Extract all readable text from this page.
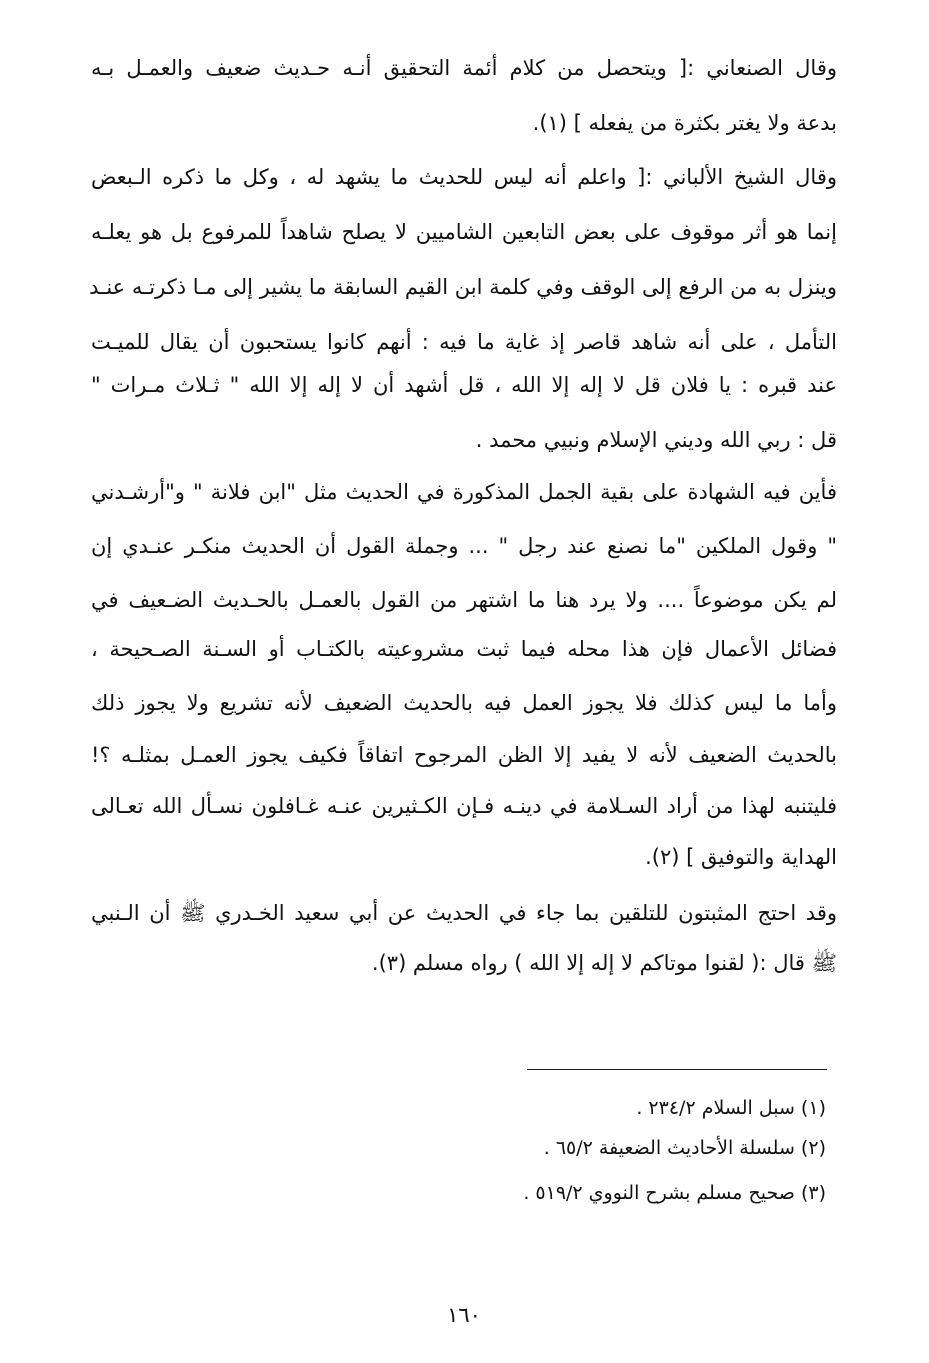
وقال الصنعاني :[ ويتحصل من كلام أئمة التحقيق أنـه حـديث ضعيف والعمـل بـه
بدعة ولا يغتر بكثرة من يفعله ] (١).
وقال الشيخ الألباني :[ واعلم أنه ليس للحديث ما يشهد له ، وكل ما ذكره الـبعض
إنما هو أثر موقوف على بعض التابعين الشاميين لا يصلح شاهداً للمرفوع بل هو يعلـه
وينزل به من الرفع إلى الوقف وفي كلمة ابن القيم السابقة ما يشير إلى مـا ذكرتـه عنـد
التأمل ، على أنه شاهد قاصر إذ غاية ما فيه : أنهم كانوا يستحبون أن يقال للميـت
عند قبره : يا فلان قل لا إله إلا الله ، قل أشهد أن لا إله إلا الله " ثـلاث مـرات "
قل : ربي الله وديني الإسلام ونبيي محمد .
فأين فيه الشهادة على بقية الجمل المذكورة في الحديث مثل "ابن فلانة " و"أرشـدني
" وقول الملكين "ما نصنع عند رجل " ... وجملة القول أن الحديث منكـر عنـدي إن
لم يكن موضوعاً .... ولا يرد هنا ما اشتهر من القول بالعمـل بالحـديث الضـعيف في
فضائل الأعمال فإن هذا محله فيما ثبت مشروعيته بالكتـاب أو السـنة الصـحيحة ،
وأما ما ليس كذلك فلا يجوز العمل فيه بالحديث الضعيف لأنه تشريع ولا يجوز ذلك
بالحديث الضعيف لأنه لا يفيد إلا الظن المرجوح اتفاقاً فكيف يجوز العمـل بمثلـه ؟!
فليتنبه لهذا من أراد السـلامة في دينـه فـإن الكـثيرين عنـه غـافلون نسـأل الله تعـالى
الهداية والتوفيق ] (٢).
وقد احتج المثبتون للتلقين بما جاء في الحديث عن أبي سعيد الخـدري ﷺ أن الـنبي
ﷺ قال :( لقنوا موتاكم لا إله إلا الله ) رواه مسلم (٣).
(١) سبل السلام ٢٣٤/٢ .
(٢) سلسلة الأحاديث الضعيفة ٦٥/٢ .
(٣) صحيح مسلم بشرح النووي ٥١٩/٢ .
١٦٠
